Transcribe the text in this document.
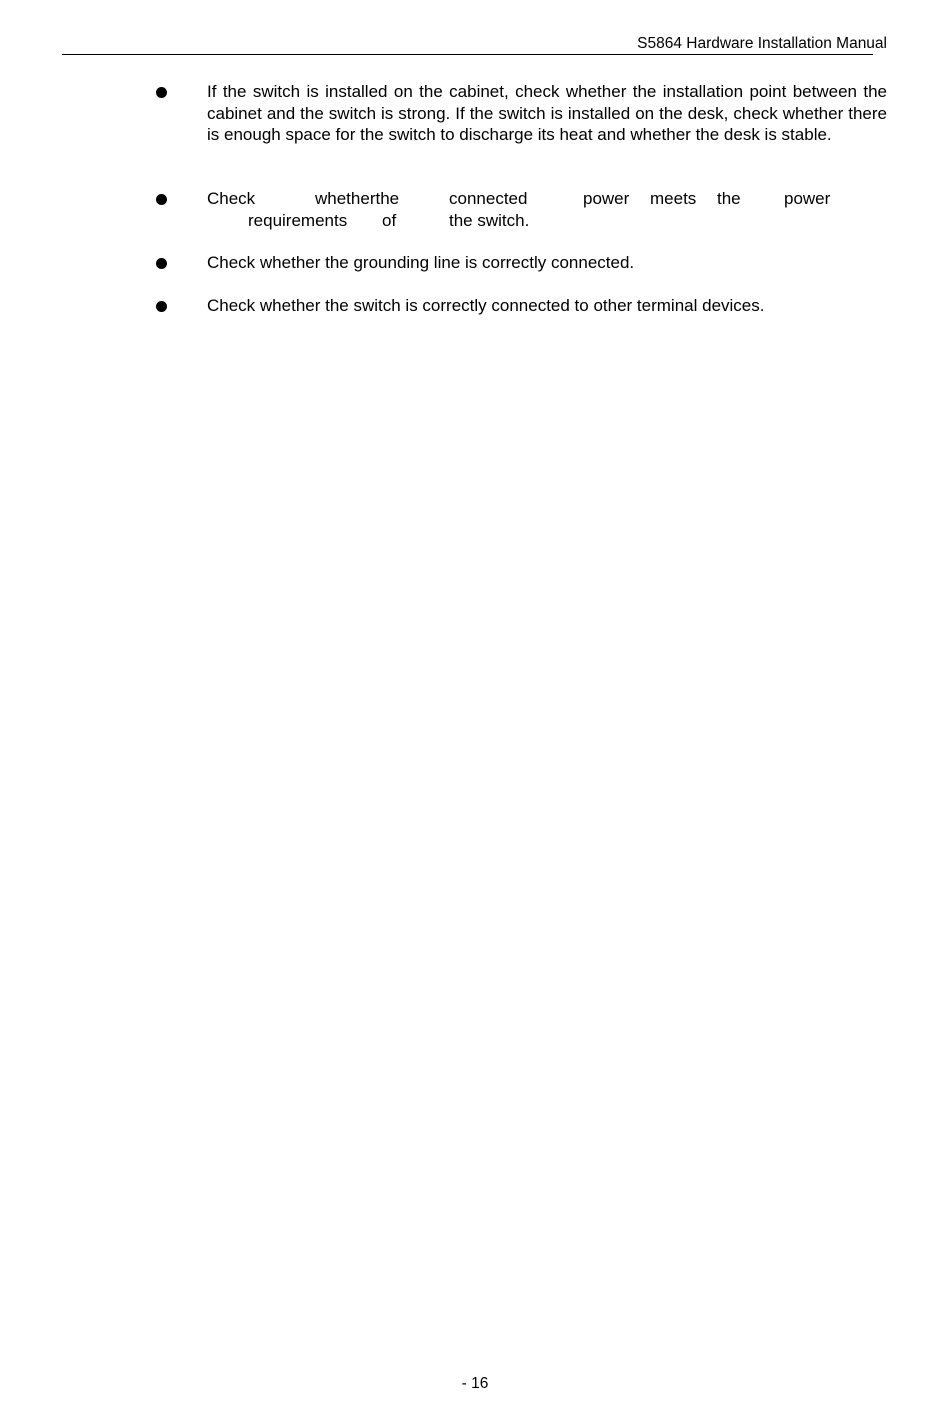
S5864 Hardware Installation Manual
If the switch is installed on the cabinet, check whether the installation point between the cabinet and the switch is strong. If the switch is installed on the desk, check whether there is enough space for the switch to discharge its heat and whether the desk is stable.
Check	whetherthe	connected	power meets the	power
requirements of	the switch.
Check whether the grounding line is correctly connected.
Check whether the switch is correctly connected to other terminal devices.
- 16
